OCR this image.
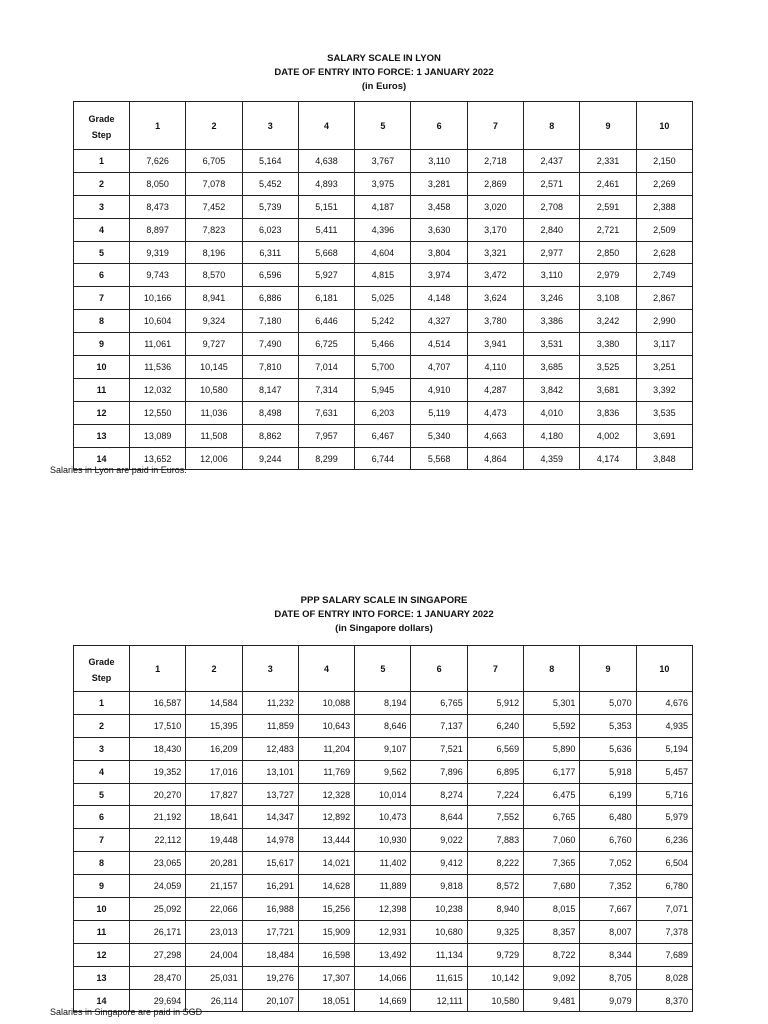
SALARY SCALE IN LYON
DATE OF ENTRY INTO FORCE: 1 JANUARY 2022
(in Euros)
Grade
Step	1	2	3	4	5	6	7	8	9	10
1	7,626	6,705	5,164	4,638	3,767	3,110	2,718	2,437	2,331	2,150
2	8,050	7,078	5,452	4,893	3,975	3,281	2,869	2,571	2,461	2,269
3	8,473	7,452	5,739	5,151	4,187	3,458	3,020	2,708	2,591	2,388
4	8,897	7,823	6,023	5,411	4,396	3,630	3,170	2,840	2,721	2,509
5	9,319	8,196	6,311	5,668	4,604	3,804	3,321	2,977	2,850	2,628
6	9,743	8,570	6,596	5,927	4,815	3,974	3,472	3,110	2,979	2,749
7	10,166	8,941	6,886	6,181	5,025	4,148	3,624	3,246	3,108	2,867
8	10,604	9,324	7,180	6,446	5,242	4,327	3,780	3,386	3,242	2,990
9	11,061	9,727	7,490	6,725	5,466	4,514	3,941	3,531	3,380	3,117
10	11,536	10,145	7,810	7,014	5,700	4,707	4,110	3,685	3,525	3,251
11	12,032	10,580	8,147	7,314	5,945	4,910	4,287	3,842	3,681	3,392
12	12,550	11,036	8,498	7,631	6,203	5,119	4,473	4,010	3,836	3,535
13	13,089	11,508	8,862	7,957	6,467	5,340	4,663	4,180	4,002	3,691
14	13,652	12,006	9,244	8,299	6,744	5,568	4,864	4,359	4,174	3,848
Salaries in Lyon are paid in Euros.
PPP SALARY SCALE IN SINGAPORE
DATE OF ENTRY INTO FORCE: 1 JANUARY 2022
(in Singapore dollars)
Grade
Step	1	2	3	4	5	6	7	8	9	10
1	16,587	14,584	11,232	10,088	8,194	6,765	5,912	5,301	5,070	4,676
2	17,510	15,395	11,859	10,643	8,646	7,137	6,240	5,592	5,353	4,935
3	18,430	16,209	12,483	11,204	9,107	7,521	6,569	5,890	5,636	5,194
4	19,352	17,016	13,101	11,769	9,562	7,896	6,895	6,177	5,918	5,457
5	20,270	17,827	13,727	12,328	10,014	8,274	7,224	6,475	6,199	5,716
6	21,192	18,641	14,347	12,892	10,473	8,644	7,552	6,765	6,480	5,979
7	22,112	19,448	14,978	13,444	10,930	9,022	7,883	7,060	6,760	6,236
8	23,065	20,281	15,617	14,021	11,402	9,412	8,222	7,365	7,052	6,504
9	24,059	21,157	16,291	14,628	11,889	9,818	8,572	7,680	7,352	6,780
10	25,092	22,066	16,988	15,256	12,398	10,238	8,940	8,015	7,667	7,071
11	26,171	23,013	17,721	15,909	12,931	10,680	9,325	8,357	8,007	7,378
12	27,298	24,004	18,484	16,598	13,492	11,134	9,729	8,722	8,344	7,689
13	28,470	25,031	19,276	17,307	14,066	11,615	10,142	9,092	8,705	8,028
14	29,694	26,114	20,107	18,051	14,669	12,111	10,580	9,481	9,079	8,370
Salaries in Singapore are paid in SGD
